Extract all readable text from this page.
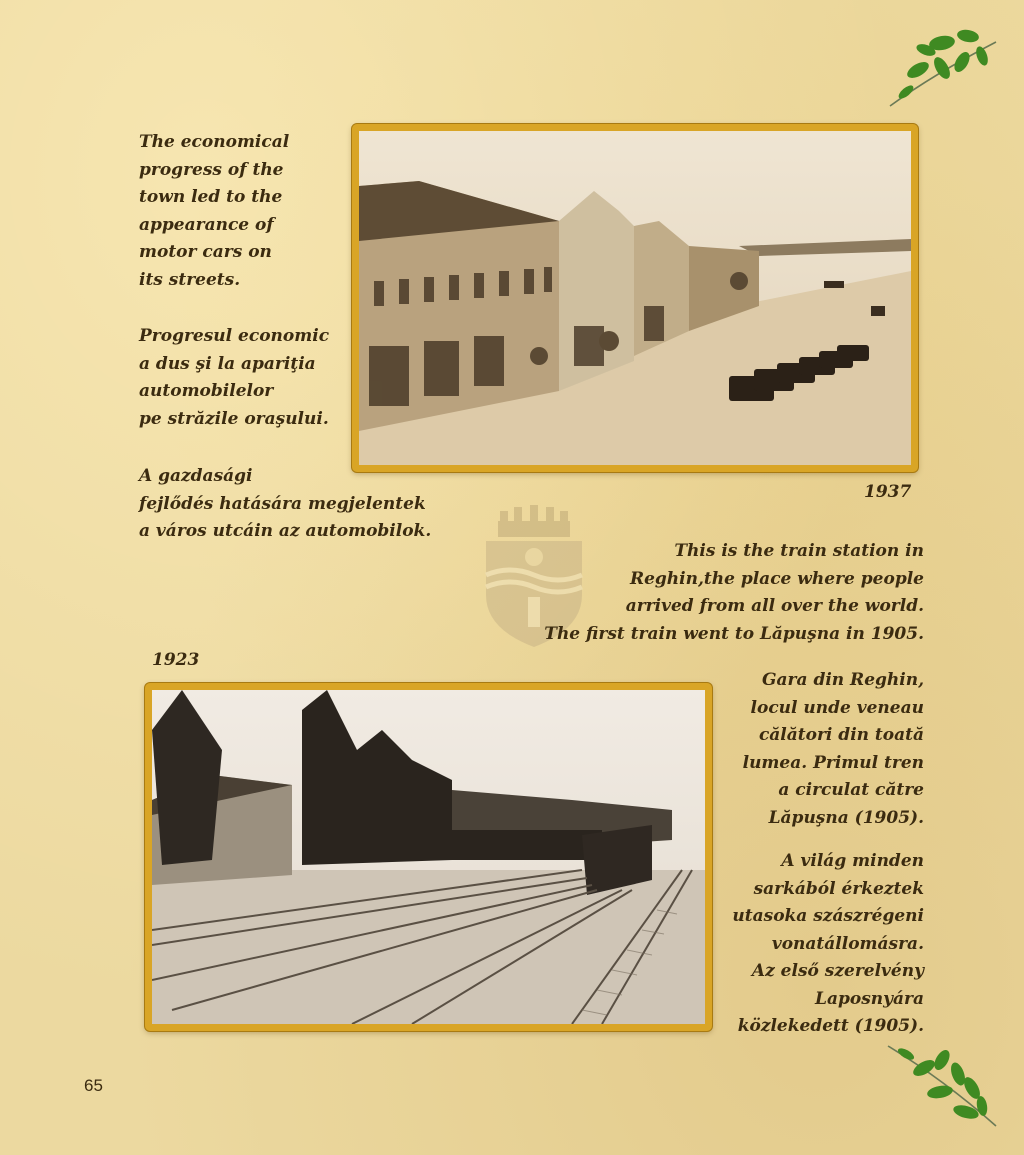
The economical
progress of the
town led to the
appearance of
motor cars on
its streets.

Progresul economic
a dus şi la apariţia
automobilelor
pe străzile oraşului.

A gazdasági
fejlődés hatására megjelentek
a város utcáin az automobilok.

1937

This is the train station in
Reghin,the place where people
arrived from all over the world.
The first train went to Lăpuşna in 1905.

1923

Gara din Reghin,
locul unde veneau
călători din toată
lumea. Primul tren
a circulat către
Lăpuşna (1905).

A világ minden
sarkából érkeztek
utasoka szászrégeni
vonatállomásra.
Az első szerelvény
Laposnyára
közlekedett (1905).

65
